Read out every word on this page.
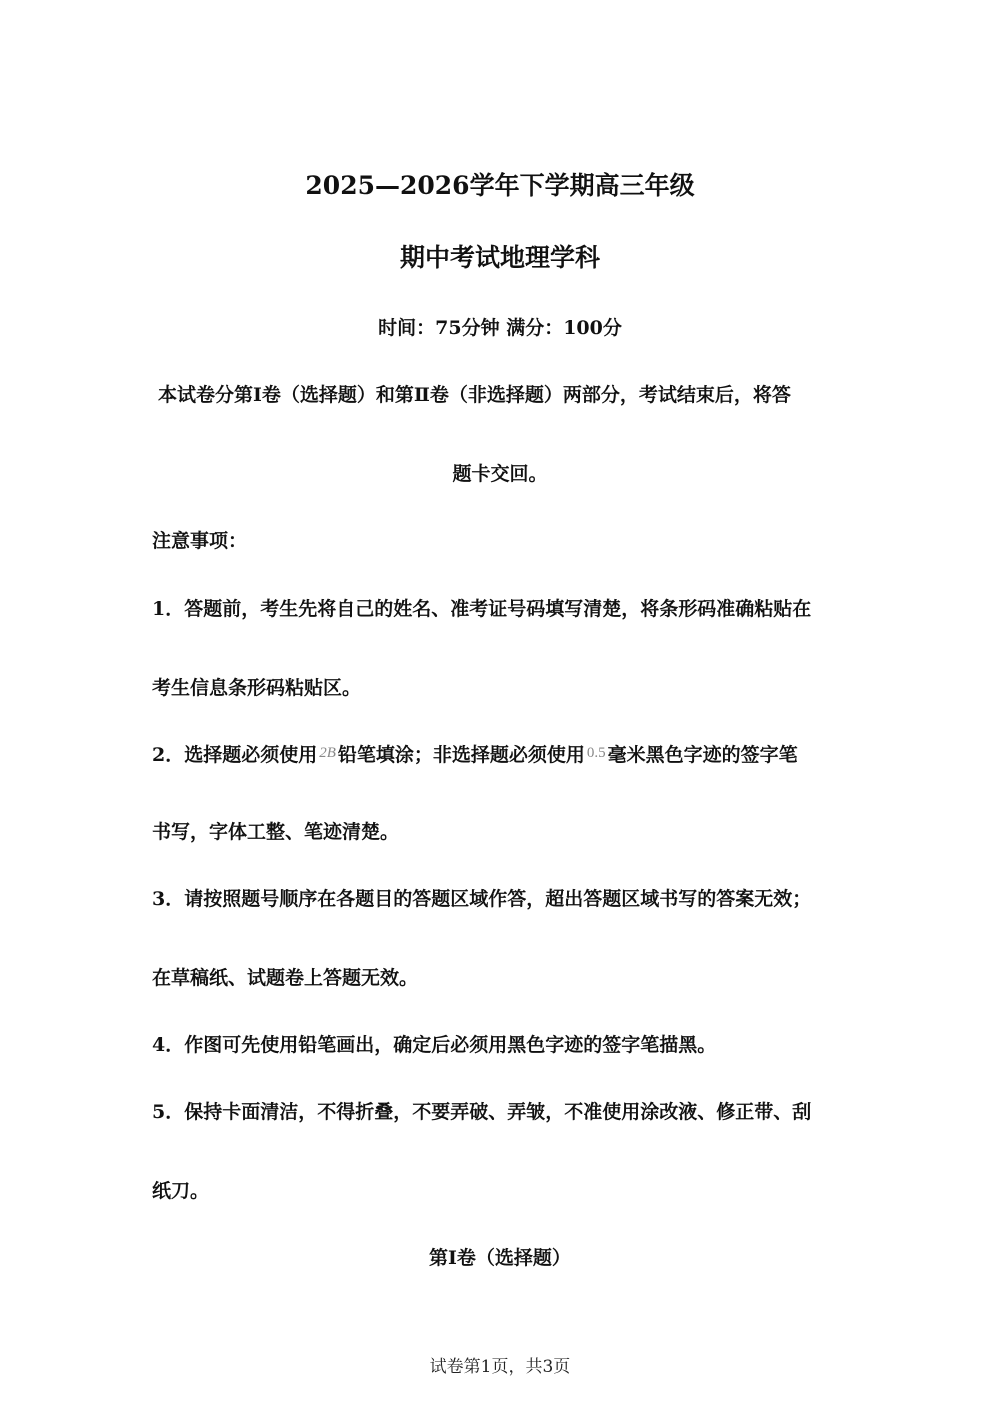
2025—2026学年下学期高三年级
期中考试地理学科
时间：75分钟 满分：100分
本试卷分第Ⅰ卷（选择题）和第Ⅱ卷（非选择题）两部分，考试结束后，将答
题卡交回。
注意事项：
1．答题前，考生先将自己的姓名、准考证号码填写清楚，将条形码准确粘贴在
考生信息条形码粘贴区。
2．选择题必须使用 $^{2B}$ 铅笔填涂；非选择题必须使用 $^{0.5}$ 毫米黑色字迹的签字笔
书写，字体工整、笔迹清楚。
3．请按照题号顺序在各题目的答题区域作答，超出答题区域书写的答案无效；
在草稿纸、试题卷上答题无效。
4．作图可先使用铅笔画出，确定后必须用黑色字迹的签字笔描黑。
5．保持卡面清洁，不得折叠，不要弄破、弄皱，不准使用涂改液、修正带、刮
纸刀。
第Ⅰ卷（选择题）
试卷第1页，共3页
